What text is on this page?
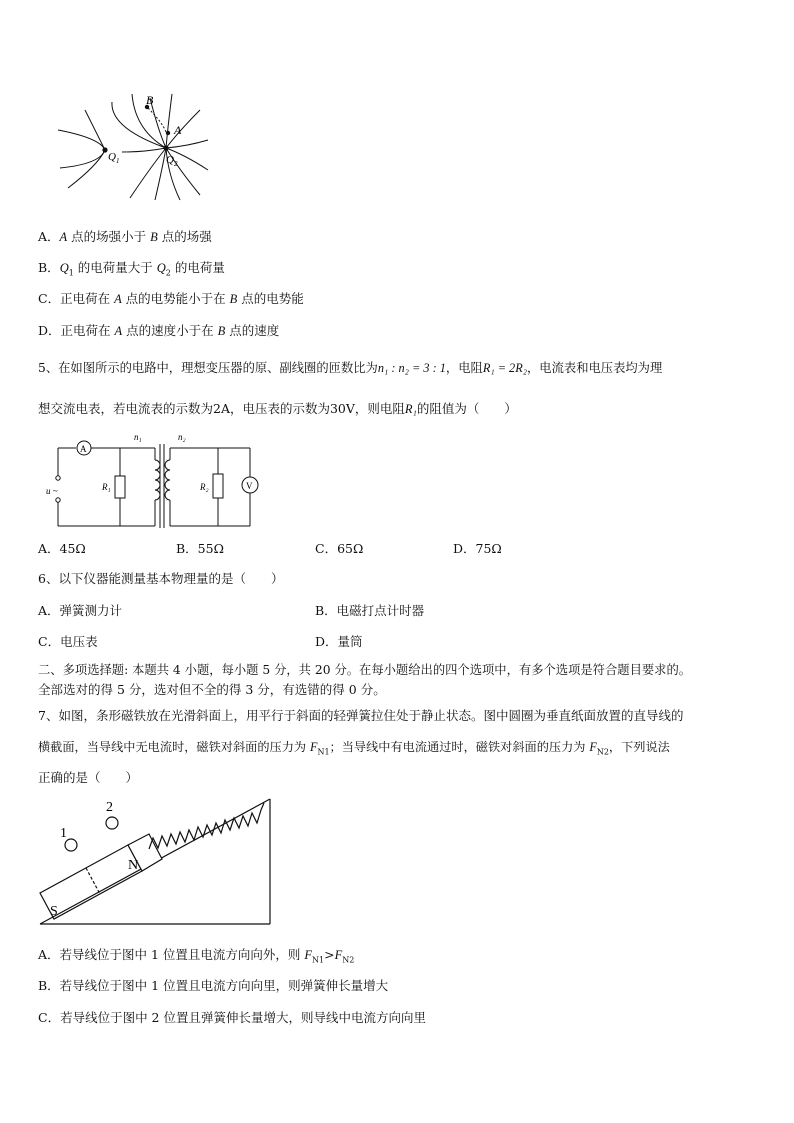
B
A
$Q_1$	$Q_2$
A．A 点的场强小于 B 点的场强
B．$Q_1$ 的电荷量大于 $Q_2$ 的电荷量
C．正电荷在 A 点的电势能小于在 B 点的电势能
D．正电荷在 A 点的速度小于在 B 点的速度
5、在如图所示的电路中，理想变压器的原、副线圈的匝数比为n₁ : n₂ = 3 : 1，电阻R₁ = 2R₂，电流表和电压表均为理
想交流电表，若电流表的示数为2A，电压表的示数为30V，则电阻R₁的阻值为（　　）
A
V
n₁	n₂
R₁	R₂
u ~
A．45Ω	B．55Ω	C．65Ω	D．75Ω
6、以下仪器能测量基本物理量的是（　　）
A．弹簧测力计	B．电磁打点计时器
C．电压表	D．量筒
二、多项选择题: 本题共 4 小题，每小题 5 分，共 20 分。在每小题给出的四个选项中，有多个选项是符合题目要求的。
全部选对的得 5 分，选对但不全的得 3 分，有选错的得 0 分。
7、如图，条形磁铁放在光滑斜面上，用平行于斜面的轻弹簧拉住处于静止状态。图中圆圈为垂直纸面放置的直导线的
横截面，当导线中无电流时，磁铁对斜面的压力为 $F_{N1}$；当导线中有电流通过时，磁铁对斜面的压力为 $F_{N2}$，下列说法
正确的是（　　）
1
2
S
N
A．若导线位于图中 1 位置且电流方向向外，则 $F_{N1}>F_{N2}$
B．若导线位于图中 1 位置且电流方向向里，则弹簧伸长量增大
C．若导线位于图中 2 位置且弹簧伸长量增大，则导线中电流方向向里
